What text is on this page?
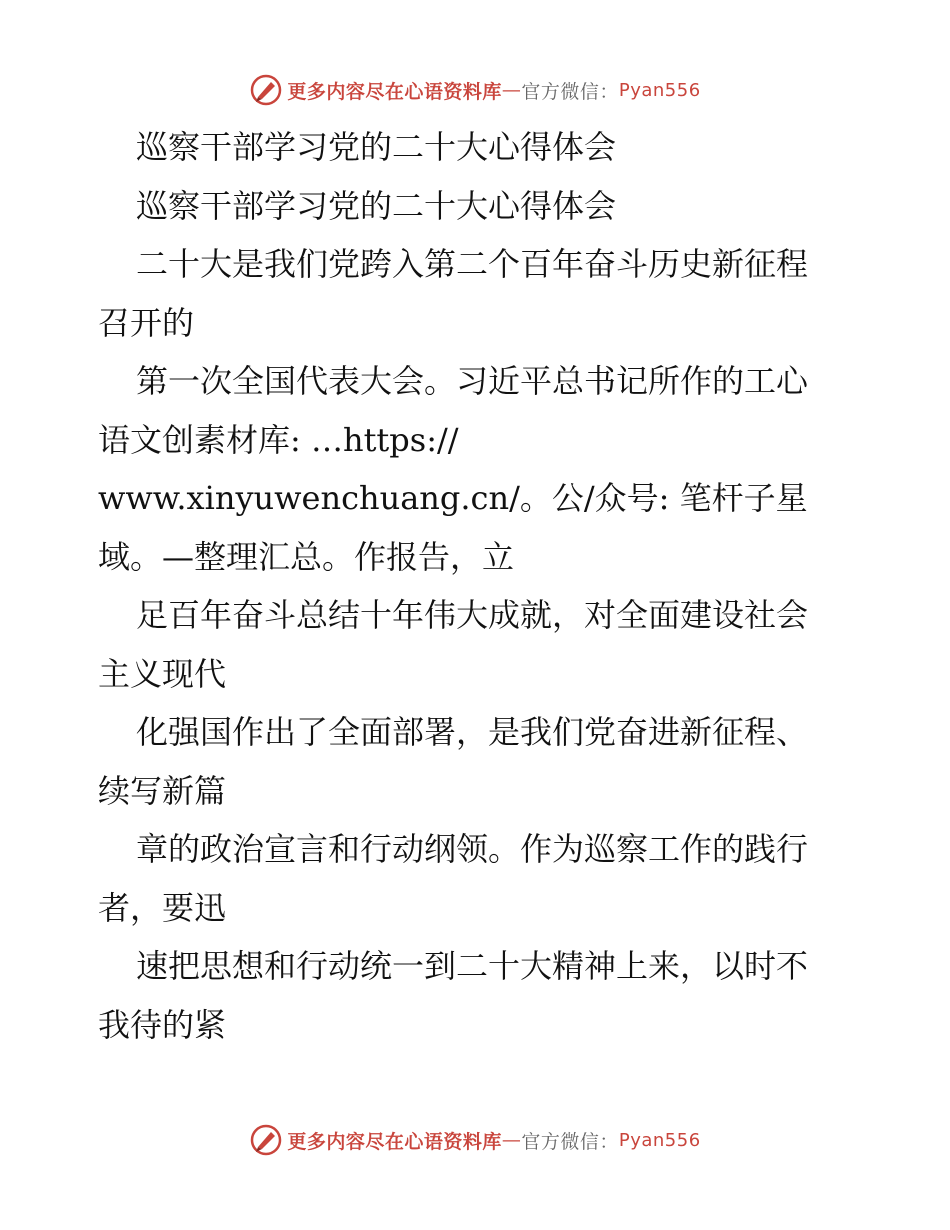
更多内容尽在心语资料库 — 官方微信： Pyan556
巡察干部学习党的二十大心得体会
巡察干部学习党的二十大心得体会
二十大是我们党跨入第二个百年奋斗历史新征程
召开的
第一次全国代表大会。习近平总书记所作的工心
语文创素材库: …https://
www.xinyuwenchuang.cn/。公/众号: 笔杆子星
域。—整理汇总。作报告，立
足百年奋斗总结十年伟大成就，对全面建设社会
主义现代
化强国作出了全面部署，是我们党奋进新征程、
续写新篇
章的政治宣言和行动纲领。作为巡察工作的践行
者，要迅
速把思想和行动统一到二十大精神上来，以时不
我待的紧
更多内容尽在心语资料库 — 官方微信： Pyan556
